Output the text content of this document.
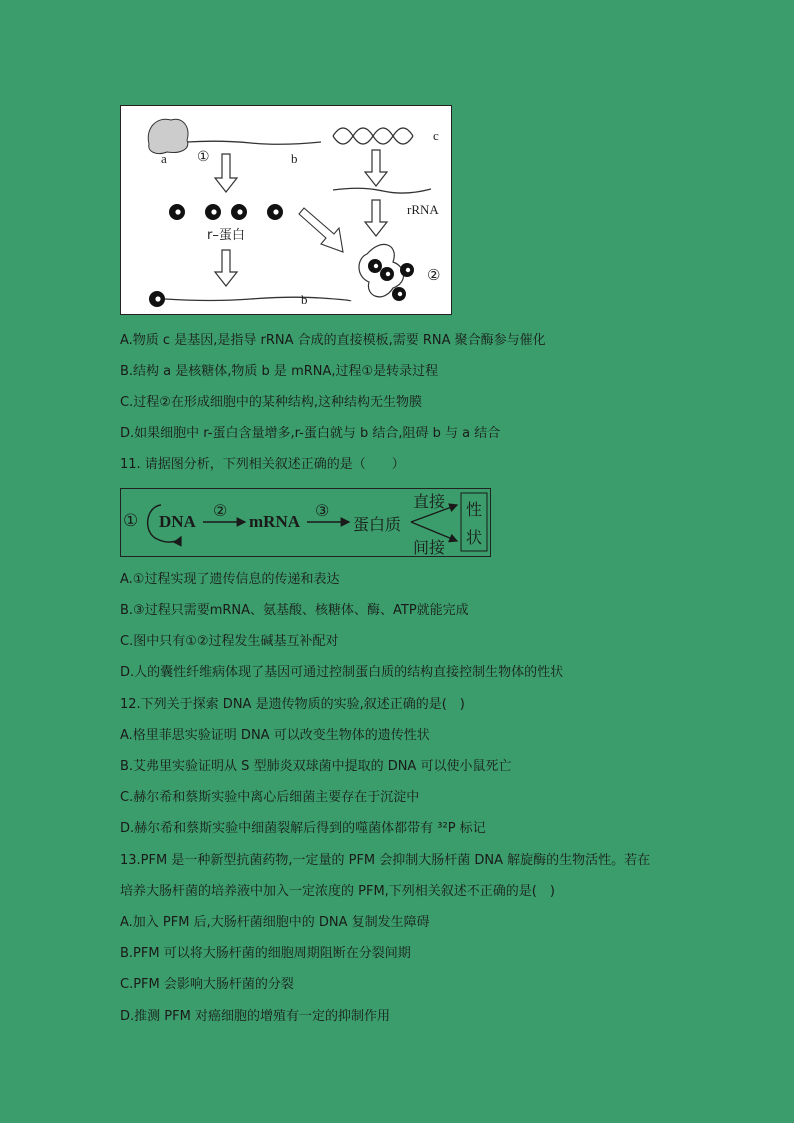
a ①	b
c
r–蛋白
rRNA
②
b
A.物质 c 是基因,是指导 rRNA 合成的直接模板,需要 RNA 聚合酶参与催化
B.结构 a 是核糖体,物质 b 是 mRNA,过程①是转录过程
C.过程②在形成细胞中的某种结构,这种结构无生物膜
D.如果细胞中 r-蛋白含量增多,r-蛋白就与 b 结合,阻碍 b 与 a 结合
11. 请据图分析，下列相关叙述正确的是（　　）
① DNA
②
mRNA
③
蛋白质
直接
间接
性
状
A.①过程实现了遗传信息的传递和表达
B.③过程只需要mRNA、氨基酸、核糖体、酶、ATP就能完成
C.图中只有①②过程发生碱基互补配对
D.人的囊性纤维病体现了基因可通过控制蛋白质的结构直接控制生物体的性状
12.下列关于探索 DNA 是遗传物质的实验,叙述正确的是(　)
A.格里菲思实验证明 DNA 可以改变生物体的遗传性状
B.艾弗里实验证明从 S 型肺炎双球菌中提取的 DNA 可以使小鼠死亡
C.赫尔希和蔡斯实验中离心后细菌主要存在于沉淀中
D.赫尔希和蔡斯实验中细菌裂解后得到的噬菌体都带有 ³²P 标记
13.PFM 是一种新型抗菌药物,一定量的 PFM 会抑制大肠杆菌 DNA 解旋酶的生物活性。若在
培养大肠杆菌的培养液中加入一定浓度的 PFM,下列相关叙述不正确的是(　)
A.加入 PFM 后,大肠杆菌细胞中的 DNA 复制发生障碍
B.PFM 可以将大肠杆菌的细胞周期阻断在分裂间期
C.PFM 会影响大肠杆菌的分裂
D.推测 PFM 对癌细胞的增殖有一定的抑制作用
